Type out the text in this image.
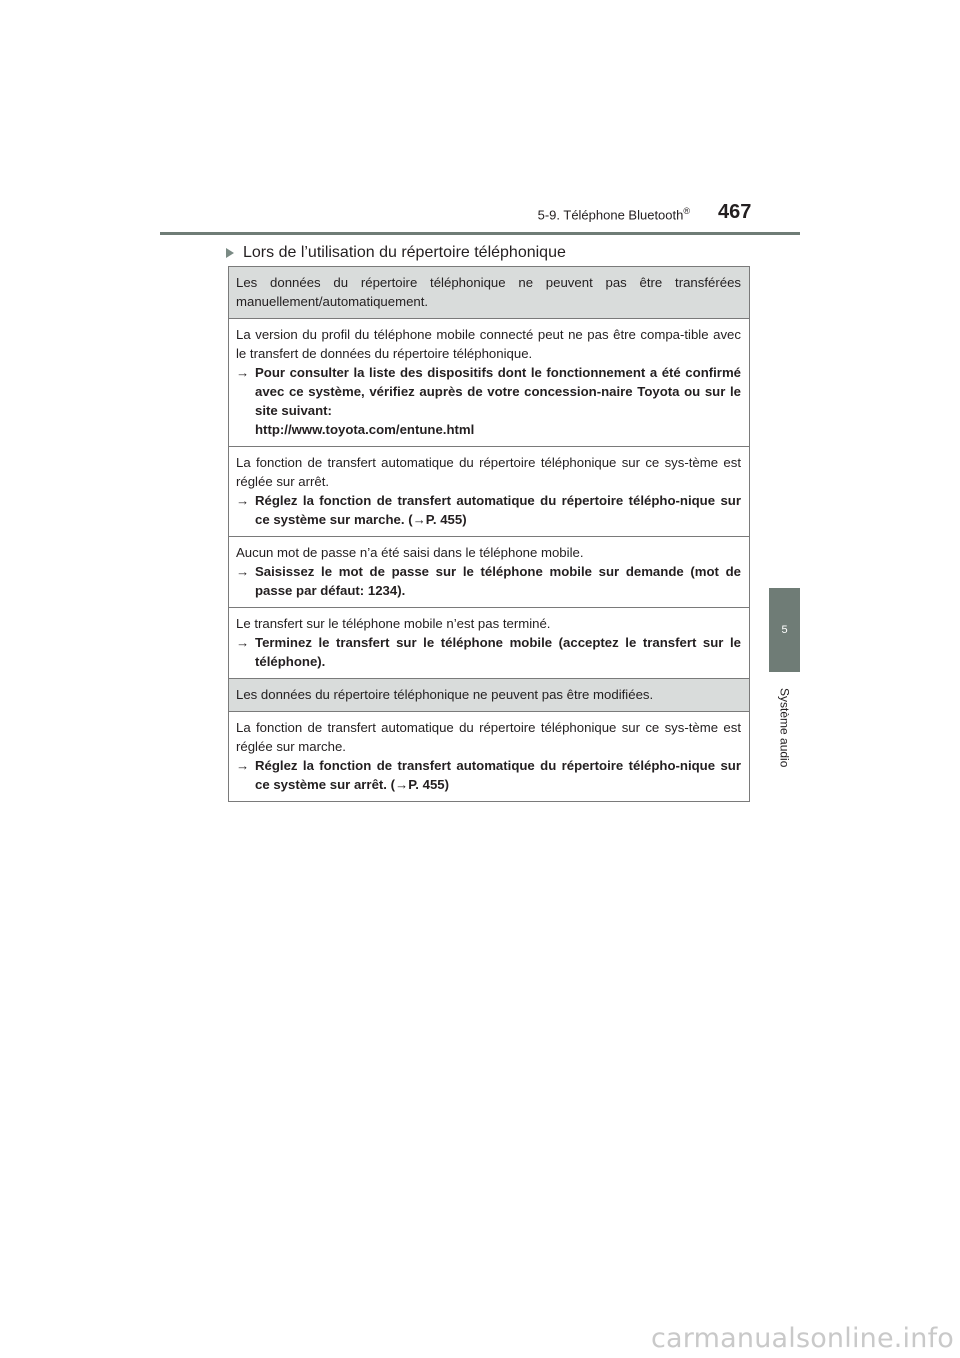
5-9. Téléphone Bluetooth® 467
5
Système audio
Lors de l’utilisation du répertoire téléphonique
Les données du répertoire téléphonique ne peuvent pas être transférées manuellement/automatiquement.
La version du profil du téléphone mobile connecté peut ne pas être compa-tible avec le transfert de données du répertoire téléphonique.
→ Pour consulter la liste des dispositifs dont le fonctionnement a été confirmé avec ce système, vérifiez auprès de votre concession-naire Toyota ou sur le site suivant:
http://www.toyota.com/entune.html
La fonction de transfert automatique du répertoire téléphonique sur ce sys-tème est réglée sur arrêt.
→ Réglez la fonction de transfert automatique du répertoire télépho-nique sur ce système sur marche. (→P. 455)
Aucun mot de passe n’a été saisi dans le téléphone mobile.
→ Saisissez le mot de passe sur le téléphone mobile sur demande (mot de passe par défaut: 1234).
Le transfert sur le téléphone mobile n’est pas terminé.
→ Terminez le transfert sur le téléphone mobile (acceptez le transfert sur le téléphone).
Les données du répertoire téléphonique ne peuvent pas être modifiées.
La fonction de transfert automatique du répertoire téléphonique sur ce sys-tème est réglée sur marche.
→ Réglez la fonction de transfert automatique du répertoire télépho-nique sur ce système sur arrêt. (→P. 455)
carmanualsonline.info
